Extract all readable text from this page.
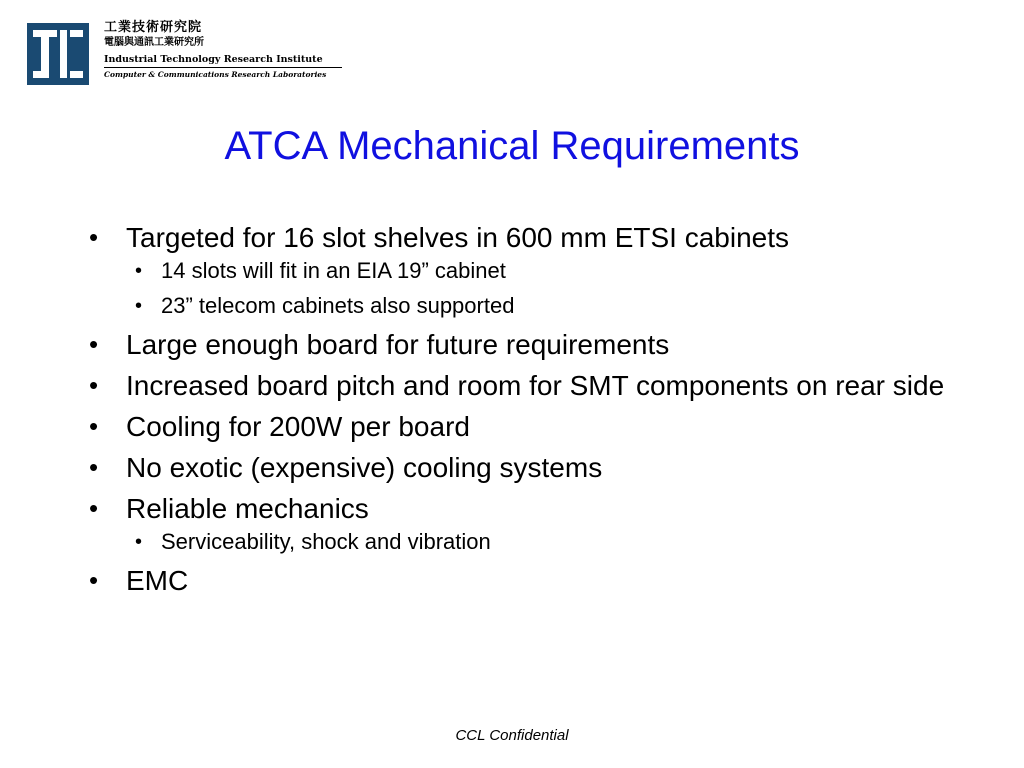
工業技術研究院
電腦與通訊工業研究所
Industrial Technology Research Institute
Computer & Communications Research Laboratories
ATCA Mechanical Requirements
• Targeted for 16 slot shelves in 600 mm ETSI cabinets
• 14 slots will fit in an EIA 19” cabinet
• 23” telecom cabinets also supported
• Large enough board for future requirements
• Increased board pitch and room for SMT components on rear side
• Cooling for 200W per board
• No exotic (expensive) cooling systems
• Reliable mechanics
• Serviceability, shock and vibration
• EMC
CCL Confidential
